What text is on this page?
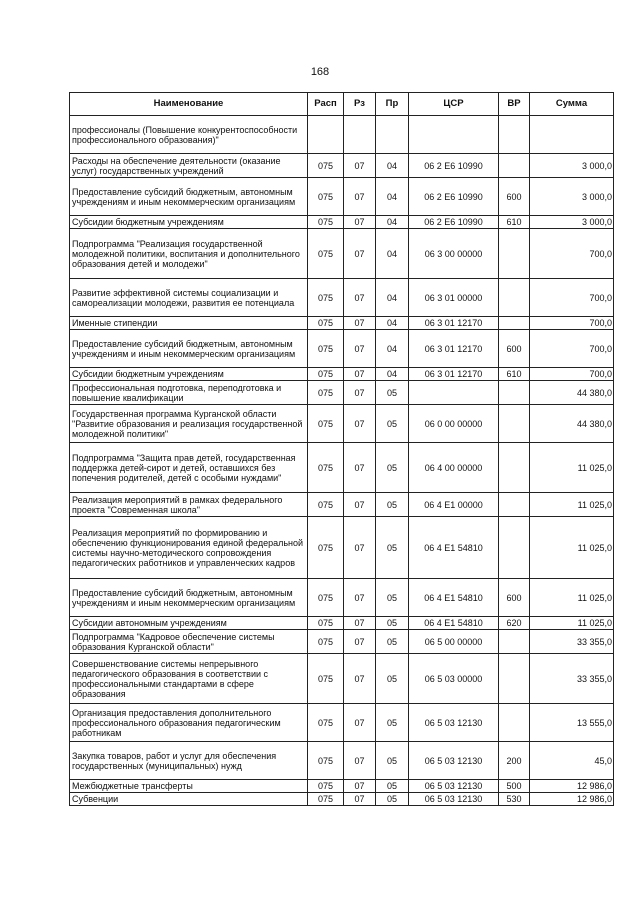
168
Наименование	Расп	Рз	Пр	ЦСР	ВР	Сумма
профессионалы (Повышение конкурентоспособности профессионального образования)"						
Расходы на обеспечение деятельности (оказание услуг) государственных учреждений	075	07	04	06 2 E6 10990		3 000,0
Предоставление субсидий бюджетным, автономным учреждениям и иным некоммерческим организациям	075	07	04	06 2 E6 10990	600	3 000,0
Субсидии бюджетным учреждениям	075	07	04	06 2 E6 10990	610	3 000,0
Подпрограмма "Реализация государственной молодежной политики, воспитания и дополнительного образования детей и молодежи"	075	07	04	06 3 00 00000		700,0
Развитие эффективной системы социализации и самореализации молодежи, развития ее потенциала	075	07	04	06 3 01 00000		700,0
Именные стипендии	075	07	04	06 3 01 12170		700,0
Предоставление субсидий бюджетным, автономным учреждениям и иным некоммерческим организациям	075	07	04	06 3 01 12170	600	700,0
Субсидии бюджетным учреждениям	075	07	04	06 3 01 12170	610	700,0
Профессиональная подготовка, переподготовка и повышение квалификации	075	07	05			44 380,0
Государственная программа Курганской области "Развитие образования и реализация государственной молодежной политики"	075	07	05	06 0 00 00000		44 380,0
Подпрограмма "Защита прав детей, государственная поддержка детей-сирот и детей, оставшихся без попечения родителей, детей с особыми нуждами"	075	07	05	06 4 00 00000		11 025,0
Реализация мероприятий в рамках федерального проекта "Современная школа"	075	07	05	06 4 E1 00000		11 025,0
Реализация мероприятий по формированию и обеспечению функционирования единой федеральной системы научно-методического сопровождения педагогических работников и управленческих кадров	075	07	05	06 4 E1 54810		11 025,0
Предоставление субсидий бюджетным, автономным учреждениям и иным некоммерческим организациям	075	07	05	06 4 E1 54810	600	11 025,0
Субсидии автономным учреждениям	075	07	05	06 4 E1 54810	620	11 025,0
Подпрограмма "Кадровое обеспечение системы образования Курганской области"	075	07	05	06 5 00 00000		33 355,0
Совершенствование системы непрерывного педагогического образования в соответствии с профессиональными стандартами в сфере образования	075	07	05	06 5 03 00000		33 355,0
Организация предоставления дополнительного профессионального образования педагогическим работникам	075	07	05	06 5 03 12130		13 555,0
Закупка товаров, работ и услуг для обеспечения государственных (муниципальных) нужд	075	07	05	06 5 03 12130	200	45,0
Межбюджетные трансферты	075	07	05	06 5 03 12130	500	12 986,0
Субвенции	075	07	05	06 5 03 12130	530	12 986,0
